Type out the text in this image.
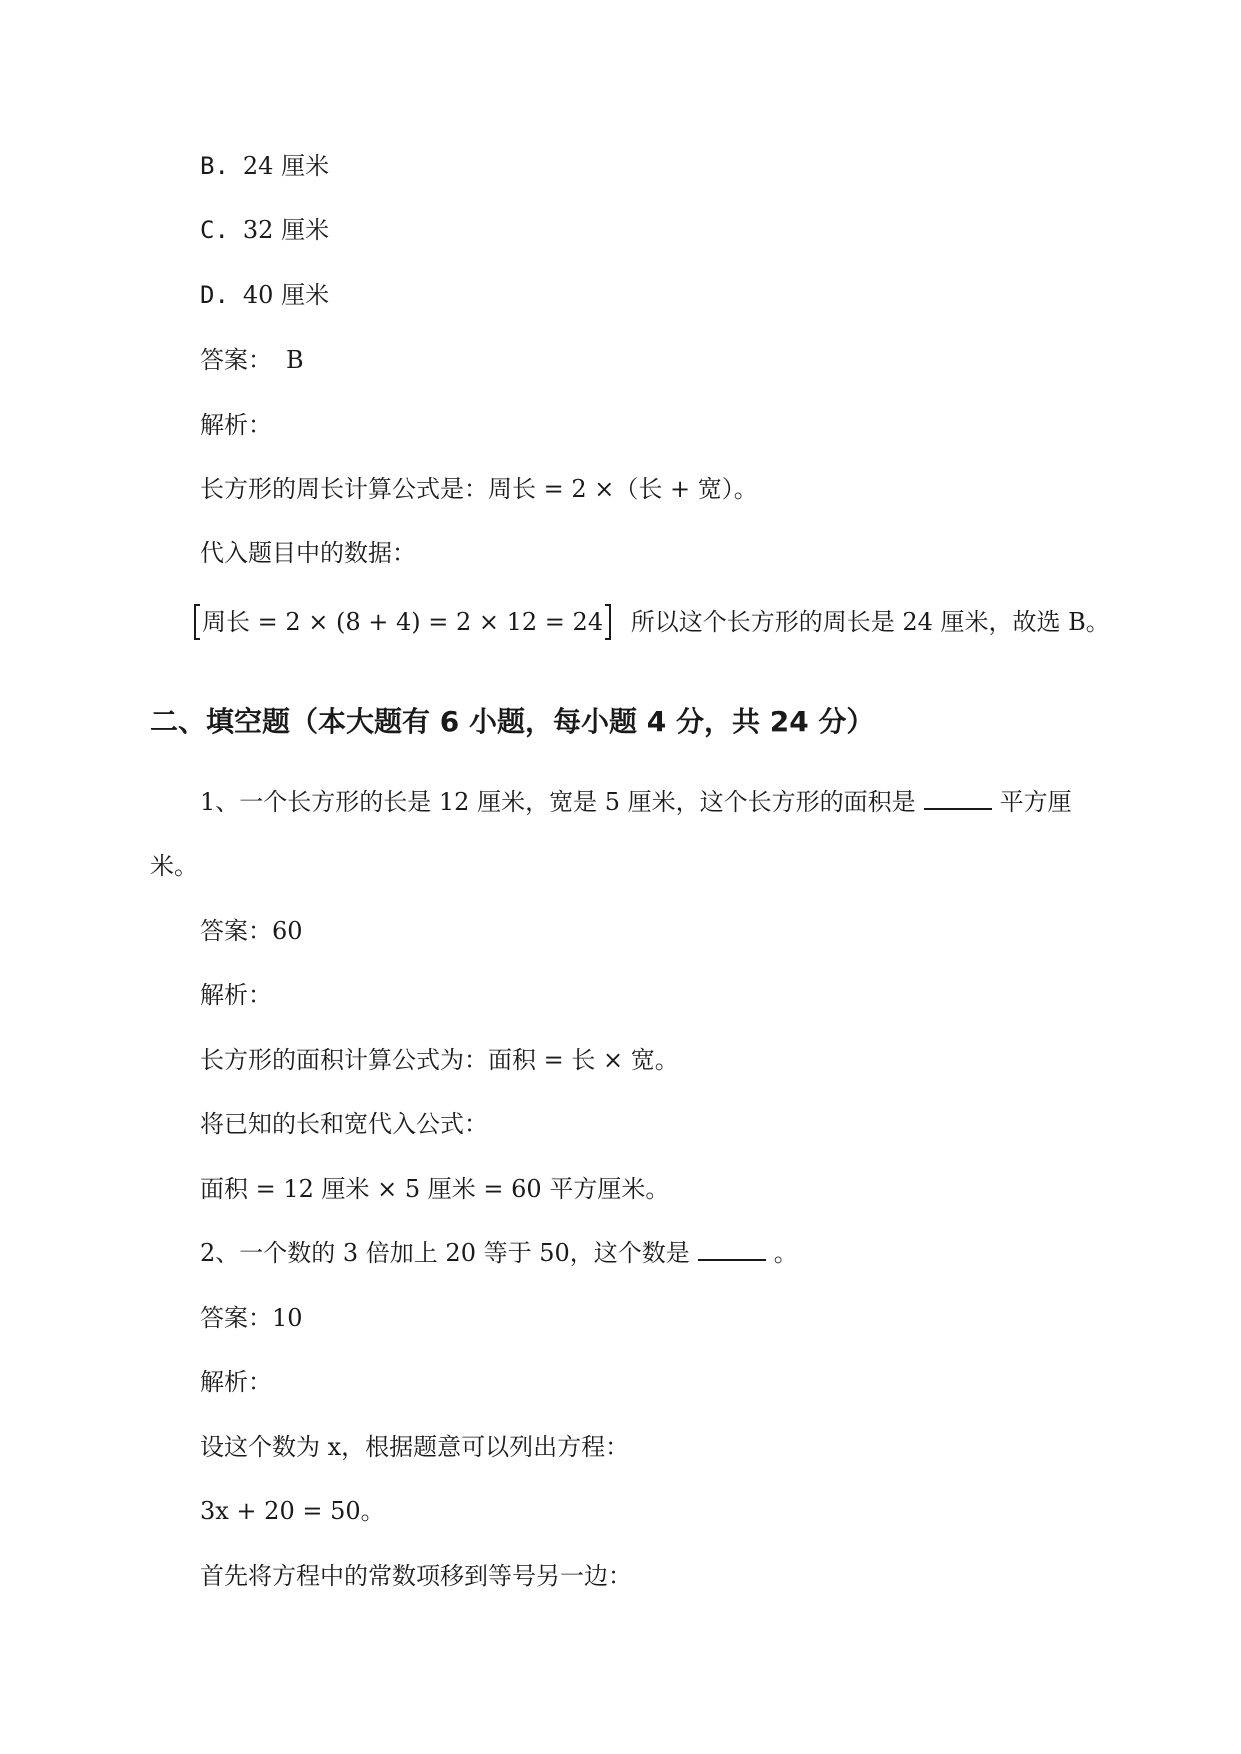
B. 24 厘米
C. 32 厘米
D. 40 厘米
答案： B
解析：
长方形的周长计算公式是：周长 = 2 ×（长 + 宽）。
代入题目中的数据：
周长 = 2 × (8 + 4) = 2 × 12 = 24 所以这个长方形的周长是 24 厘米，故选 B。
二、填空题（本大题有 6 小题，每小题 4 分，共 24 分）
1、一个长方形的长是 12 厘米，宽是 5 厘米，这个长方形的面积是	平方厘
米。
答案：60
解析：
长方形的面积计算公式为：面积 = 长 × 宽。
将已知的长和宽代入公式：
面积 = 12 厘米 × 5 厘米 = 60 平方厘米。
2、一个数的 3 倍加上 20 等于 50，这个数是	。
答案：10
解析：
设这个数为 x，根据题意可以列出方程：
3x + 20 = 50。
首先将方程中的常数项移到等号另一边：
